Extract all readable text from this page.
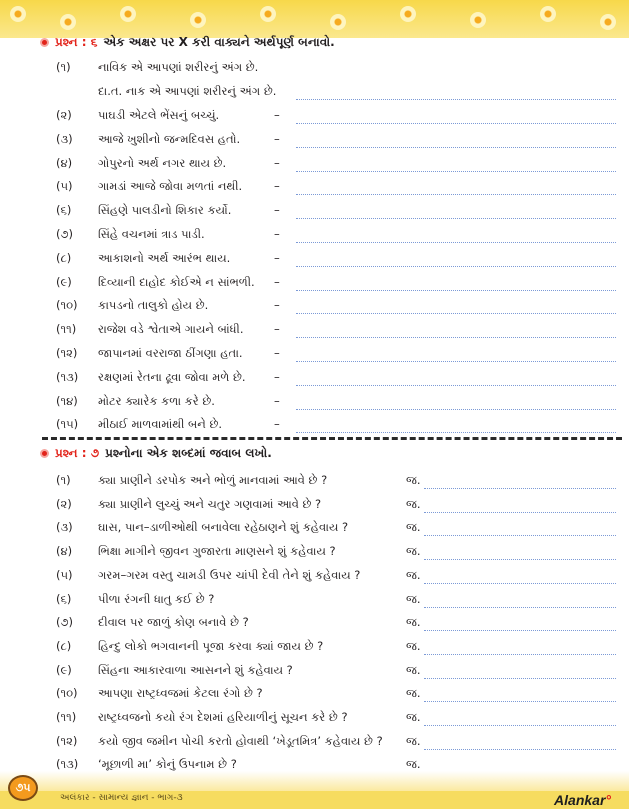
પ્રશ્ન : ૬ એક અક્ષર પર X કરી વાક્યને અર્થપૂર્ણ બનાવો.
(૧)	નાવિક એ આપણાં શરીરનું અંગ છે.
દા.ત. નાક એ આપણાં શરીરનું અંગ છે.
(૨)	પાઘડી એટલે ભેંસનું બચ્ચું.	–
(૩)	આજે ખુશીનો જન્મદિવસ હતો.	–
(૪)	ગોપુરનો અર્થ નગર થાય છે.	–
(૫)	ગામડાં આજે જોવા મળતાં નથી.	–
(૬)	સિંહણે પાલડીનો શિકાર કર્યો.	–
(૭)	સિંહે વચનમાં ત્રાડ પાડી.	–
(૮)	આકાશનો અર્થ આરંભ થાય.	–
(૯)	દિવ્યાની દાહોદ કોઈએ ન સાંભળી. –
(૧૦)	કાપડનો તાલુકો હોય છે.	–
(૧૧)	રાજેશ વડે શ્વેતાએ ગાયને બાંધી.	–
(૧૨)	જાપાનમાં વરરાજા ઠીંગણા હતા.	–
(૧૩)	રક્ષણમાં રેતના ઢૂવા જોવા મળે છે. –
(૧૪)	મોટર ક્યારેક કળા કરે છે.	–
(૧૫)	મીઠાઈ માળવામાંથી બને છે.	–
પ્રશ્ન : ૭ પ્રશ્નોના એક શબ્દમાં જવાબ લખો.
(૧)	ક્યા પ્રાણીને ડરપોક અને ભોળું માનવામાં આવે છે ?	જ.
(૨)	ક્યા પ્રાણીને લુચ્ચું અને ચતુર ગણવામાં આવે છે ?	જ.
(૩)	ઘાસ, પાન–ડાળીઓથી બનાવેલા રહેઠાણને શું કહેવાય ?	જ.
(૪)	ભિક્ષા માગીને જીવન ગુજારતા માણસને શું કહેવાય ?	જ.
(૫)	ગરમ–ગરમ વસ્તુ ચામડી ઉપર ચાંપી દેવી તેને શું કહેવાય ?	જ.
(૬)	પીળા રંગની ધાતુ કઈ છે ?	જ.
(૭)	દીવાલ પર જાળું કોણ બનાવે છે ?	જ.
(૮)	હિન્દુ લોકો ભગવાનની પૂજા કરવા ક્યાં જાય છે ?	જ.
(૯)	સિંહના આકારવાળા આસનને શું કહેવાય ?	જ.
(૧૦)	આપણા રાષ્ટ્રધ્વજમાં કેટલા રંગો છે ?	જ.
(૧૧)	રાષ્ટ્રધ્વજનો કયો રંગ દેશમાં હરિયાળીનું સૂચન કરે છે ?	જ.
(૧૨)	કયો જીવ જમીન પોચી કરતો હોવાથી ‘ખેડૂતમિત્ર’ કહેવાય છે ? જ.
(૧૩)	‘મૂછાળી મા’ કોનું ઉપનામ છે ?	જ.
૭૫
અલંકાર - સામાન્ય જ્ઞાન - ભાગ-૩	Alankar°
